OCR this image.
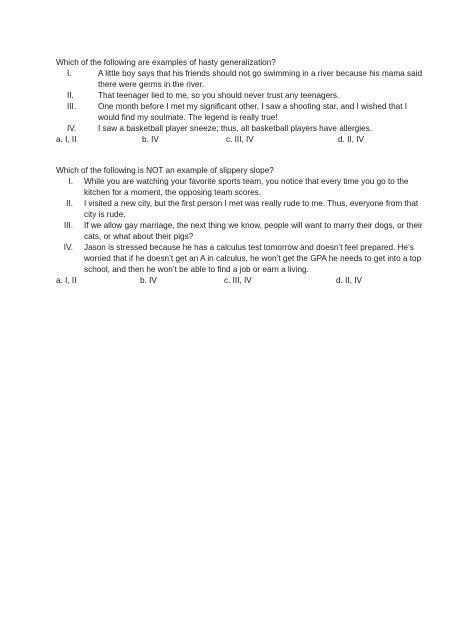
Which of the following are examples of hasty generalization?

I.	A little boy says that his friends should not go swimming in a river because his mama said there were germs in the river.
II.	That teenager lied to me, so you should never trust any teenagers.
III.	One month before I met my significant other, I saw a shooting star, and I wished that I would find my soulmate. The legend is really true!
IV.	I saw a basketball player sneeze; thus, all basketball players have allergies.
a. I, II	b. IV	c. III, IV	d. II, IV

Which of the following is NOT an example of slippery slope?

I.	While you are watching your favorite sports team, you notice that every time you go to the kitchen for a moment, the opposing team scores.
II.	I visited a new city, but the first person I met was really rude to me. Thus, everyone from that city is rude.
III.	If we allow gay marriage, the next thing we know, people will want to marry their dogs, or their cats, or what about their pigs?
IV.	Jason is stressed because he has a calculus test tomorrow and doesn’t feel prepared. He’s worried that if he doesn’t get an A in calculus, he won’t get the GPA he needs to get into a top school, and then he won’t be able to find a job or earn a living.
a. I, II	b. IV	c. III, IV	d. II, IV
